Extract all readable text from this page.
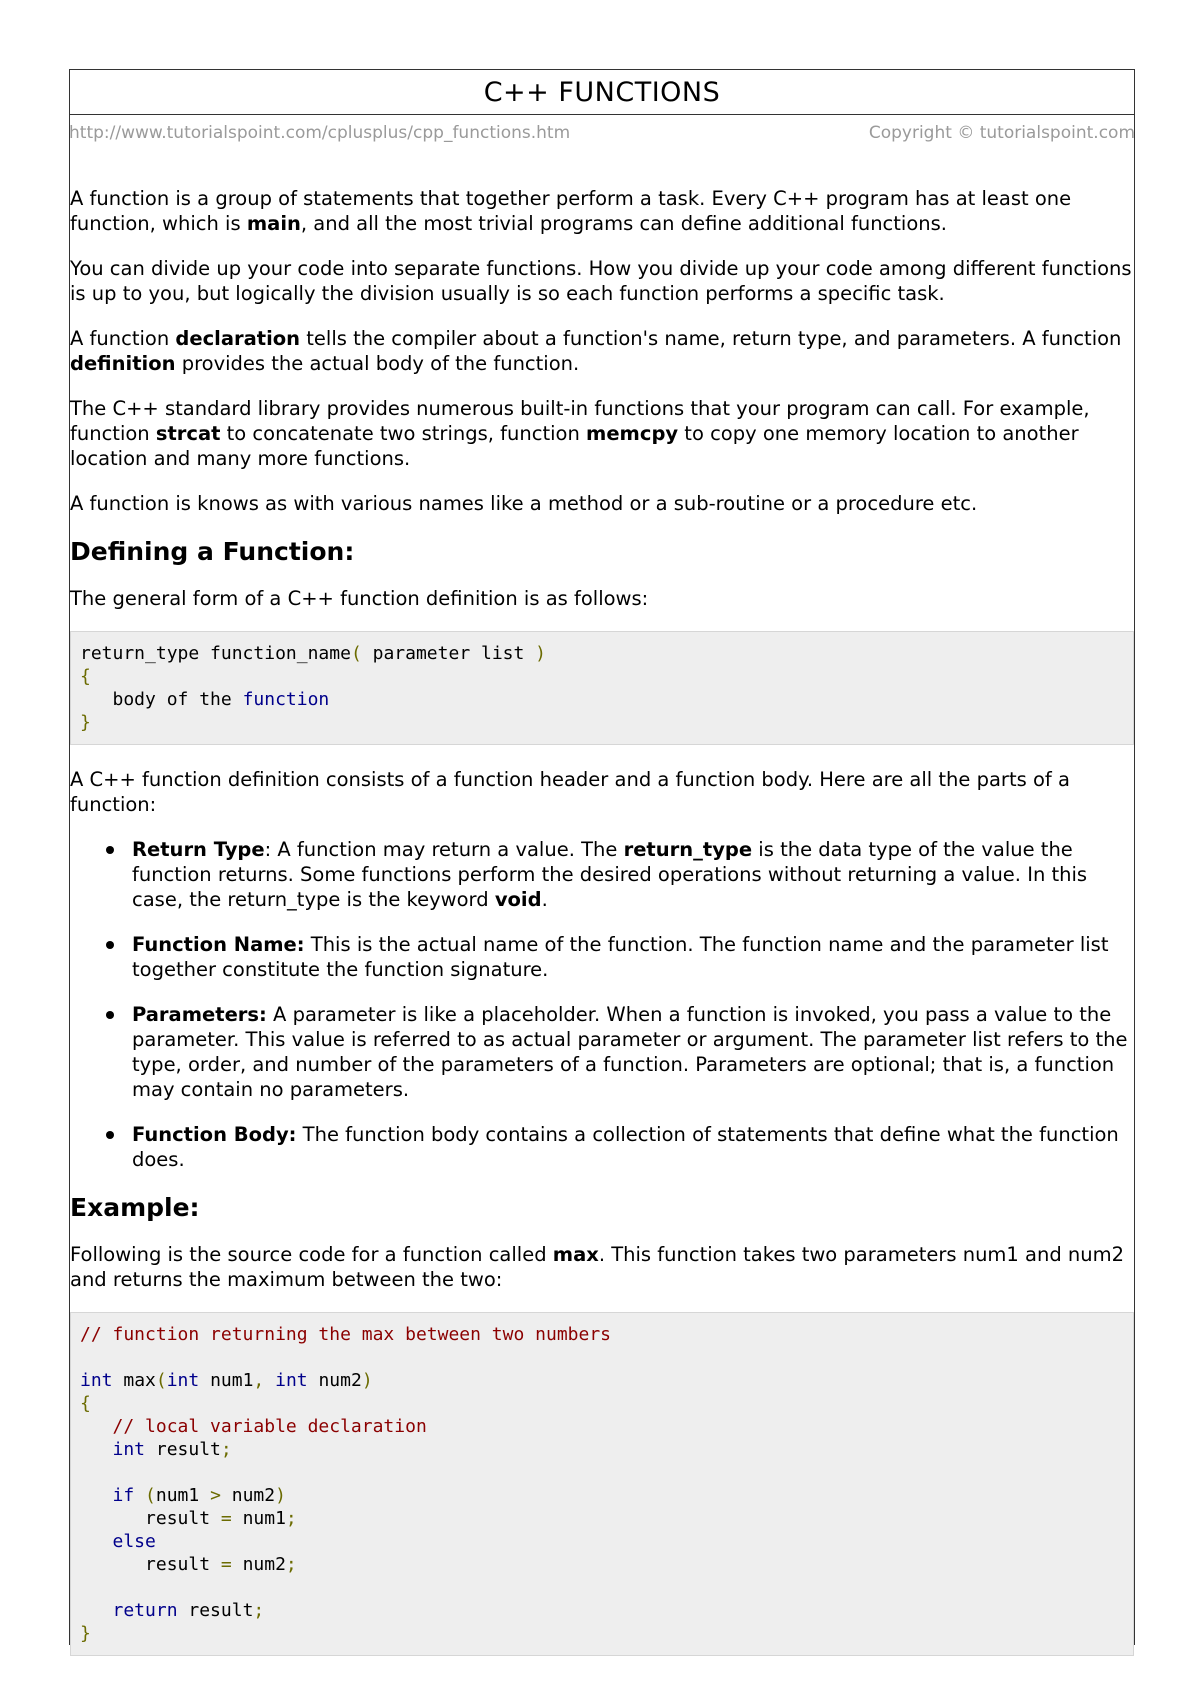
C++ FUNCTIONS
http://www.tutorialspoint.com/cplusplus/cpp_functions.htm	Copyright © tutorialspoint.com

A function is a group of statements that together perform a task. Every C++ program has at least one function, which is main, and all the most trivial programs can define additional functions.

You can divide up your code into separate functions. How you divide up your code among different functions is up to you, but logically the division usually is so each function performs a specific task.

A function declaration tells the compiler about a function's name, return type, and parameters. A function definition provides the actual body of the function.

The C++ standard library provides numerous built-in functions that your program can call. For example, function strcat to concatenate two strings, function memcpy to copy one memory location to another location and many more functions.

A function is knows as with various names like a method or a sub-routine or a procedure etc.

Defining a Function:

The general form of a C++ function definition is as follows:

return_type function_name( parameter list )
{
body of the function
}

A C++ function definition consists of a function header and a function body. Here are all the parts of a function:

Return Type: A function may return a value. The return_type is the data type of the value the function returns. Some functions perform the desired operations without returning a value. In this case, the return_type is the keyword void.
Function Name: This is the actual name of the function. The function name and the parameter list together constitute the function signature.
Parameters: A parameter is like a placeholder. When a function is invoked, you pass a value to the parameter. This value is referred to as actual parameter or argument. The parameter list refers to the type, order, and number of the parameters of a function. Parameters are optional; that is, a function may contain no parameters.
Function Body: The function body contains a collection of statements that define what the function does.
Example:

Following is the source code for a function called max. This function takes two parameters num1 and num2 and returns the maximum between the two:

// function returning the max between two numbers
int max(int num1, int num2)
{
// local variable declaration
int result;
if (num1 > num2)
result = num1;
else
result = num2;
return result;
}
